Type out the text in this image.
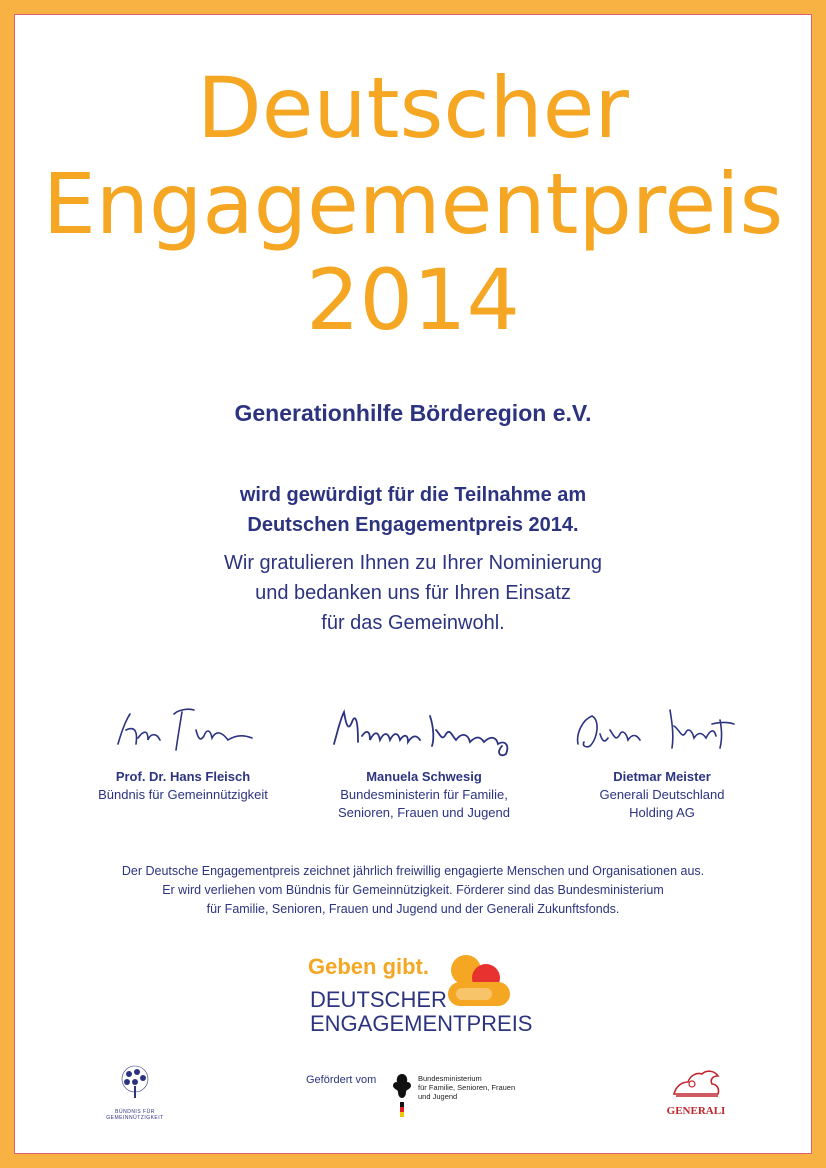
Deutscher
Engagementpreis
2014
Generationhilfe Börderegion e.V.
wird gewürdigt für die Teilnahme am
Deutschen Engagementpreis 2014.
Wir gratulieren Ihnen zu Ihrer Nominierung
und bedanken uns für Ihren Einsatz
für das Gemeinwohl.
Prof. Dr. Hans Fleisch
Bündnis für Gemeinnützigkeit
Manuela Schwesig
Bundesministerin für Familie,
Senioren, Frauen und Jugend
Dietmar Meister
Generali Deutschland
Holding AG
Der Deutsche Engagementpreis zeichnet jährlich freiwillig engagierte Menschen und Organisationen aus.
Er wird verliehen vom Bündnis für Gemeinnützigkeit. Förderer sind das Bundesministerium
für Familie, Senioren, Frauen und Jugend und der Generali Zukunftsfonds.
Geben gibt.
DEUTSCHER
ENGAGEMENTPREIS
BÜNDNIS FÜR
GEMEINNÜTZIGKEIT
Gefördert vom	Bundesministerium
für Familie, Senioren, Frauen
und Jugend
GENERALI
